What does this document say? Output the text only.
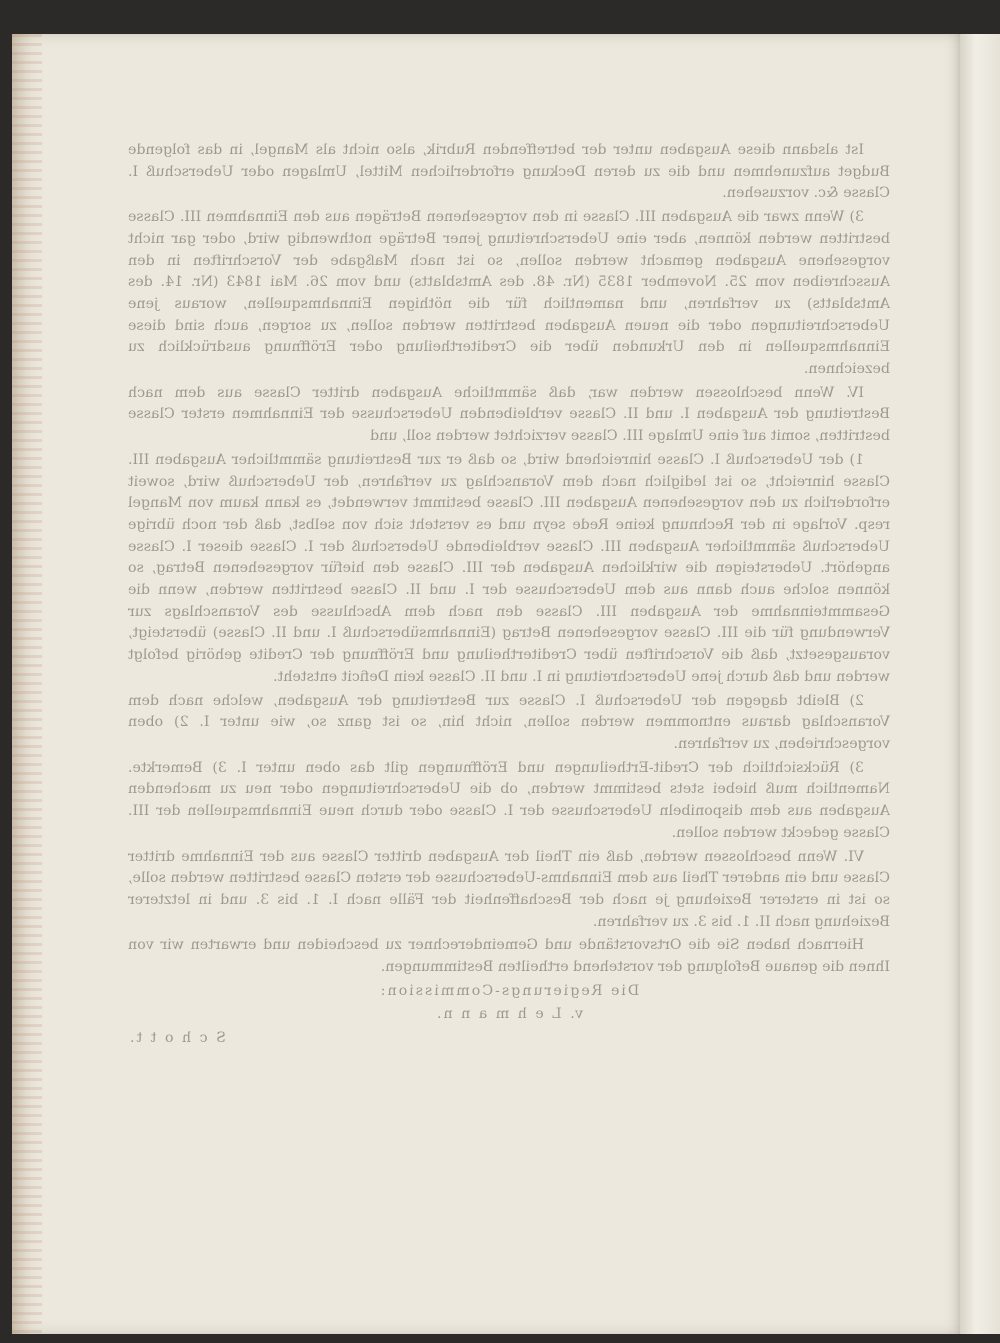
Ist alsdann diese Ausgaben unter der betreffenden Rubrik, also nicht als Mangel, in das folgende Budget aufzunehmen und die zu deren Deckung erforderlichen Mittel, Umlagen oder Ueberschuß I. Classe &c. vorzusehen.

3) Wenn zwar die Ausgaben III. Classe in den vorgesehenen Beträgen aus den Einnahmen III. Classe bestritten werden können, aber eine Ueberschreitung jener Beträge nothwendig wird, oder gar nicht vorgesehene Ausgaben gemacht werden sollen, so ist nach Maßgabe der Vorschriften in den Ausschreiben vom 25. November 1835 (Nr. 48. des Amtsblatts) und vom 26. Mai 1843 (Nr. 14. des Amtsblatts) zu verfahren, und namentlich für die nöthigen Einnahmsquellen, woraus jene Ueberschreitungen oder die neuen Ausgaben bestritten werden sollen, zu sorgen, auch sind diese Einnahmsquellen in den Urkunden über die Creditertheilung oder Eröffnung ausdrücklich zu bezeichnen.

IV. Wenn beschlossen werden war, daß sämmtliche Ausgaben dritter Classe aus dem nach Bestreitung der Ausgaben I. und II. Classe verbleibenden Ueberschusse der Einnahmen erster Classe bestritten, somit auf eine Umlage III. Classe verzichtet werden soll, und

1) der Ueberschuß I. Classe hinreichend wird, so daß er zur Bestreitung sämmtlicher Ausgaben III. Classe hinreicht, so ist lediglich nach dem Voranschlag zu verfahren, der Ueberschuß wird, soweit erforderlich zu den vorgesehenen Ausgaben III. Classe bestimmt verwendet, es kann kaum von Mangel resp. Vorlage in der Rechnung keine Rede seyn und es versteht sich von selbst, daß der noch übrige Ueberschuß sämmtlicher Ausgaben III. Classe verbleibende Ueberschuß der I. Classe dieser I. Classe angehört. Uebersteigen die wirklichen Ausgaben der III. Classe den hiefür vorgesehenen Betrag, so können solche auch dann aus dem Ueberschusse der I. und II. Classe bestritten werden, wenn die Gesammteinnahme der Ausgaben III. Classe den nach dem Abschlusse des Voranschlags zur Verwendung für die III. Classe vorgesehenen Betrag (Einnahmsüberschuß I. und II. Classe) übersteigt, vorausgesetzt, daß die Vorschriften über Creditertheilung und Eröffnung der Credite gehörig befolgt werden und daß durch jene Ueberschreitung in I. und II. Classe kein Deficit entsteht.

2) Bleibt dagegen der Ueberschuß I. Classe zur Bestreitung der Ausgaben, welche nach dem Voranschlag daraus entnommen werden sollen, nicht hin, so ist ganz so, wie unter I. 2) oben vorgeschrieben, zu verfahren.

3) Rücksichtlich der Credit-Ertheilungen und Eröffnungen gilt das oben unter I. 3) Bemerkte. Namentlich muß hiebei stets bestimmt werden, ob die Ueberschreitungen oder neu zu machenden Ausgaben aus dem disponibeln Ueberschusse der I. Classe oder durch neue Einnahmsquellen der III. Classe gedeckt werden sollen.

VI. Wenn beschlossen werden, daß ein Theil der Ausgaben dritter Classe aus der Einnahme dritter Classe und ein anderer Theil aus dem Einnahms-Ueberschusse der ersten Classe bestritten werden solle, so ist in ersterer Beziehung je nach der Beschaffenheit der Fälle nach I. 1. bis 3. und in letzterer Beziehung nach II. 1. bis 3. zu verfahren.

Hiernach haben Sie die Ortsvorstände und Gemeinderechner zu bescheiden und erwarten wir von Ihnen die genaue Befolgung der vorstehend ertheilten Bestimmungen.

Die Regierungs-Commission:

v. L e h m a n n.

S c h o t t.
